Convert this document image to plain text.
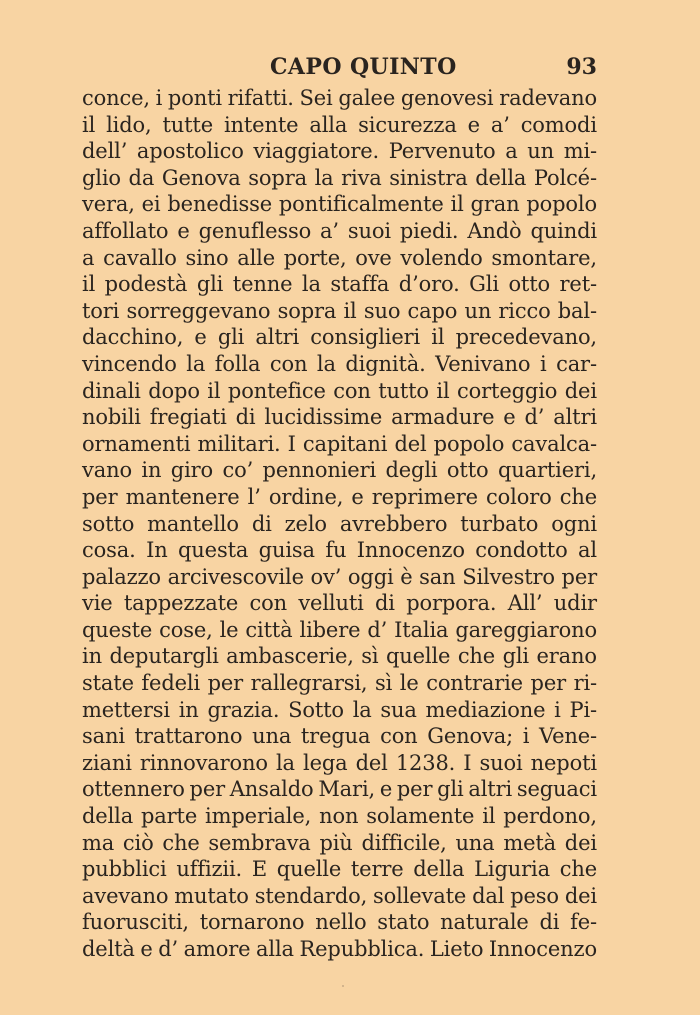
CAPO QUINTO	93
conce, i ponti rifatti. Sei galee genovesi radevano
il lido, tutte intente alla sicurezza e a’ comodi
dell’ apostolico viaggiatore. Pervenuto a un mi-
glio da Genova sopra la riva sinistra della Polcé-
vera, ei benedisse pontificalmente il gran popolo
affollato e genuflesso a’ suoi piedi. Andò quindi
a cavallo sino alle porte, ove volendo smontare,
il podestà gli tenne la staffa d’oro. Gli otto ret-
tori sorreggevano sopra il suo capo un ricco bal-
dacchino, e gli altri consiglieri il precedevano,
vincendo la folla con la dignità. Venivano i car-
dinali dopo il pontefice con tutto il corteggio dei
nobili fregiati di lucidissime armadure e d’ altri
ornamenti militari. I capitani del popolo cavalca-
vano in giro co’ pennonieri degli otto quartieri,
per mantenere l’ ordine, e reprimere coloro che
sotto mantello di zelo avrebbero turbato ogni
cosa. In questa guisa fu Innocenzo condotto al
palazzo arcivescovile ov’ oggi è san Silvestro per
vie tappezzate con velluti di porpora. All’ udir
queste cose, le città libere d’ Italia gareggiarono
in deputargli ambascerie, sì quelle che gli erano
state fedeli per rallegrarsi, sì le contrarie per ri-
mettersi in grazia. Sotto la sua mediazione i Pi-
sani trattarono una tregua con Genova; i Vene-
ziani rinnovarono la lega del 1238. I suoi nepoti
ottennero per Ansaldo Mari, e per gli altri seguaci
della parte imperiale, non solamente il perdono,
ma ciò che sembrava più difficile, una metà dei
pubblici uffizii. E quelle terre della Liguria che
avevano mutato stendardo, sollevate dal peso dei
fuorusciti, tornarono nello stato naturale di fe-
deltà e d’ amore alla Repubblica. Lieto Innocenzo
